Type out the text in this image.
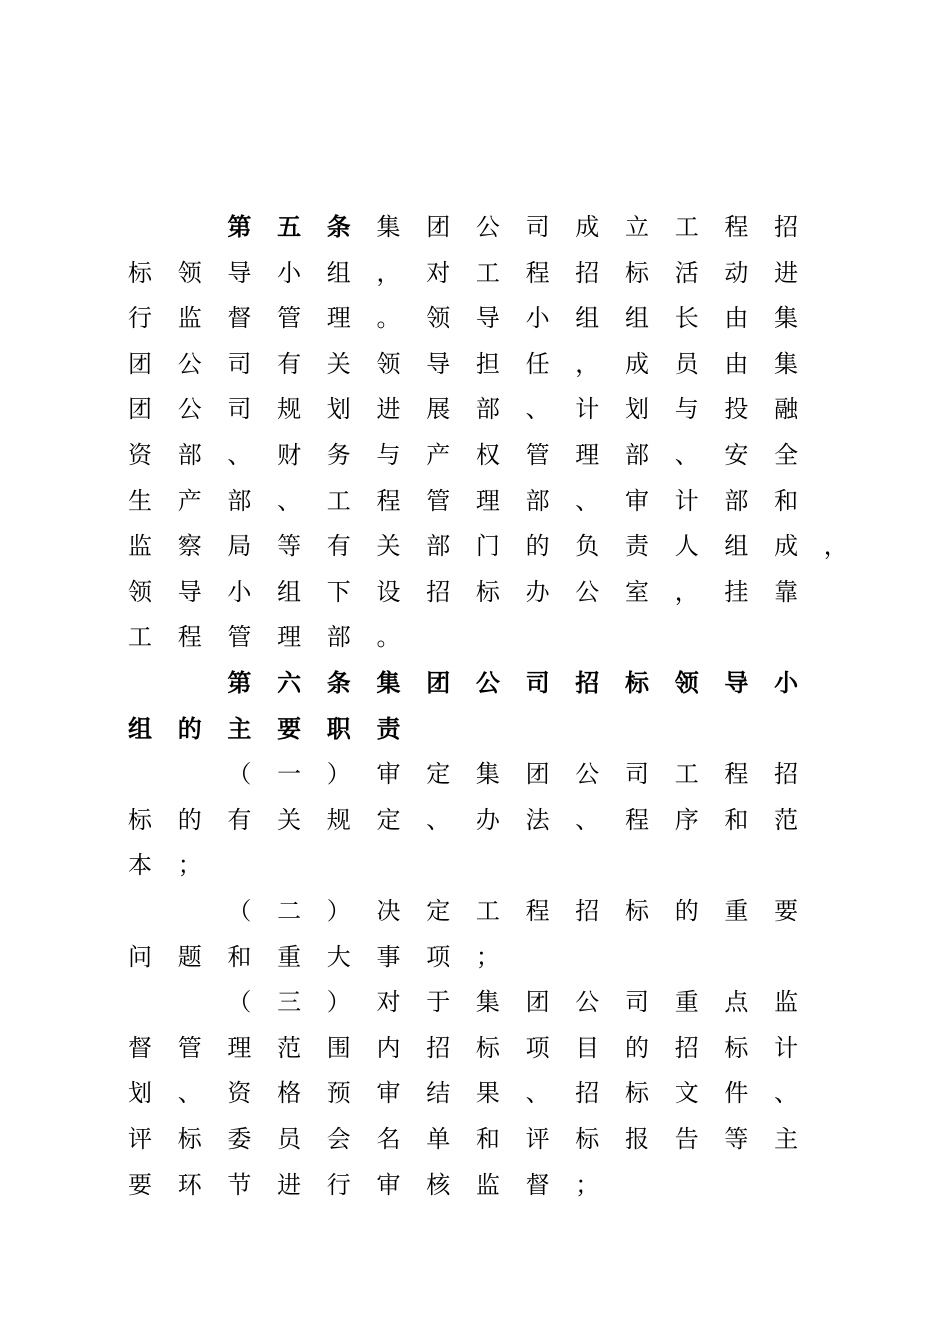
第 五 条 集 团 公 司 成 立 工 程 招
标 领 导 小 组 ， 对 工 程 招 标 活 动 进
行 监 督 管 理 。 领 导 小 组 组 长 由 集
团 公 司 有 关 领 导 担 任 ， 成 员 由 集
团 公 司 规 划 进 展 部 、 计 划 与 投 融
资 部 、 财 务 与 产 权 管 理 部 、 安 全
生 产 部 、 工 程 管 理 部 、 审 计 部 和
监 察 局 等 有 关 部 门 的 负 责 人 组 成 ，
领 导 小 组 下 设 招 标 办 公 室 ， 挂 靠
工 程 管 理 部 。
第 六 条 集 团 公 司 招 标 领 导 小
组 的 主 要 职 责
（ 一 ） 审 定 集 团 公 司 工 程 招
标 的 有 关 规 定 、 办 法 、 程 序 和 范
本 ；
（ 二 ） 决 定 工 程 招 标 的 重 要
问 题 和 重 大 事 项 ；
（ 三 ） 对 于 集 团 公 司 重 点 监
督 管 理 范 围 内 招 标 项 目 的 招 标 计
划 、 资 格 预 审 结 果 、 招 标 文 件 、
评 标 委 员 会 名 单 和 评 标 报 告 等 主
要 环 节 进 行 审 核 监 督 ；
